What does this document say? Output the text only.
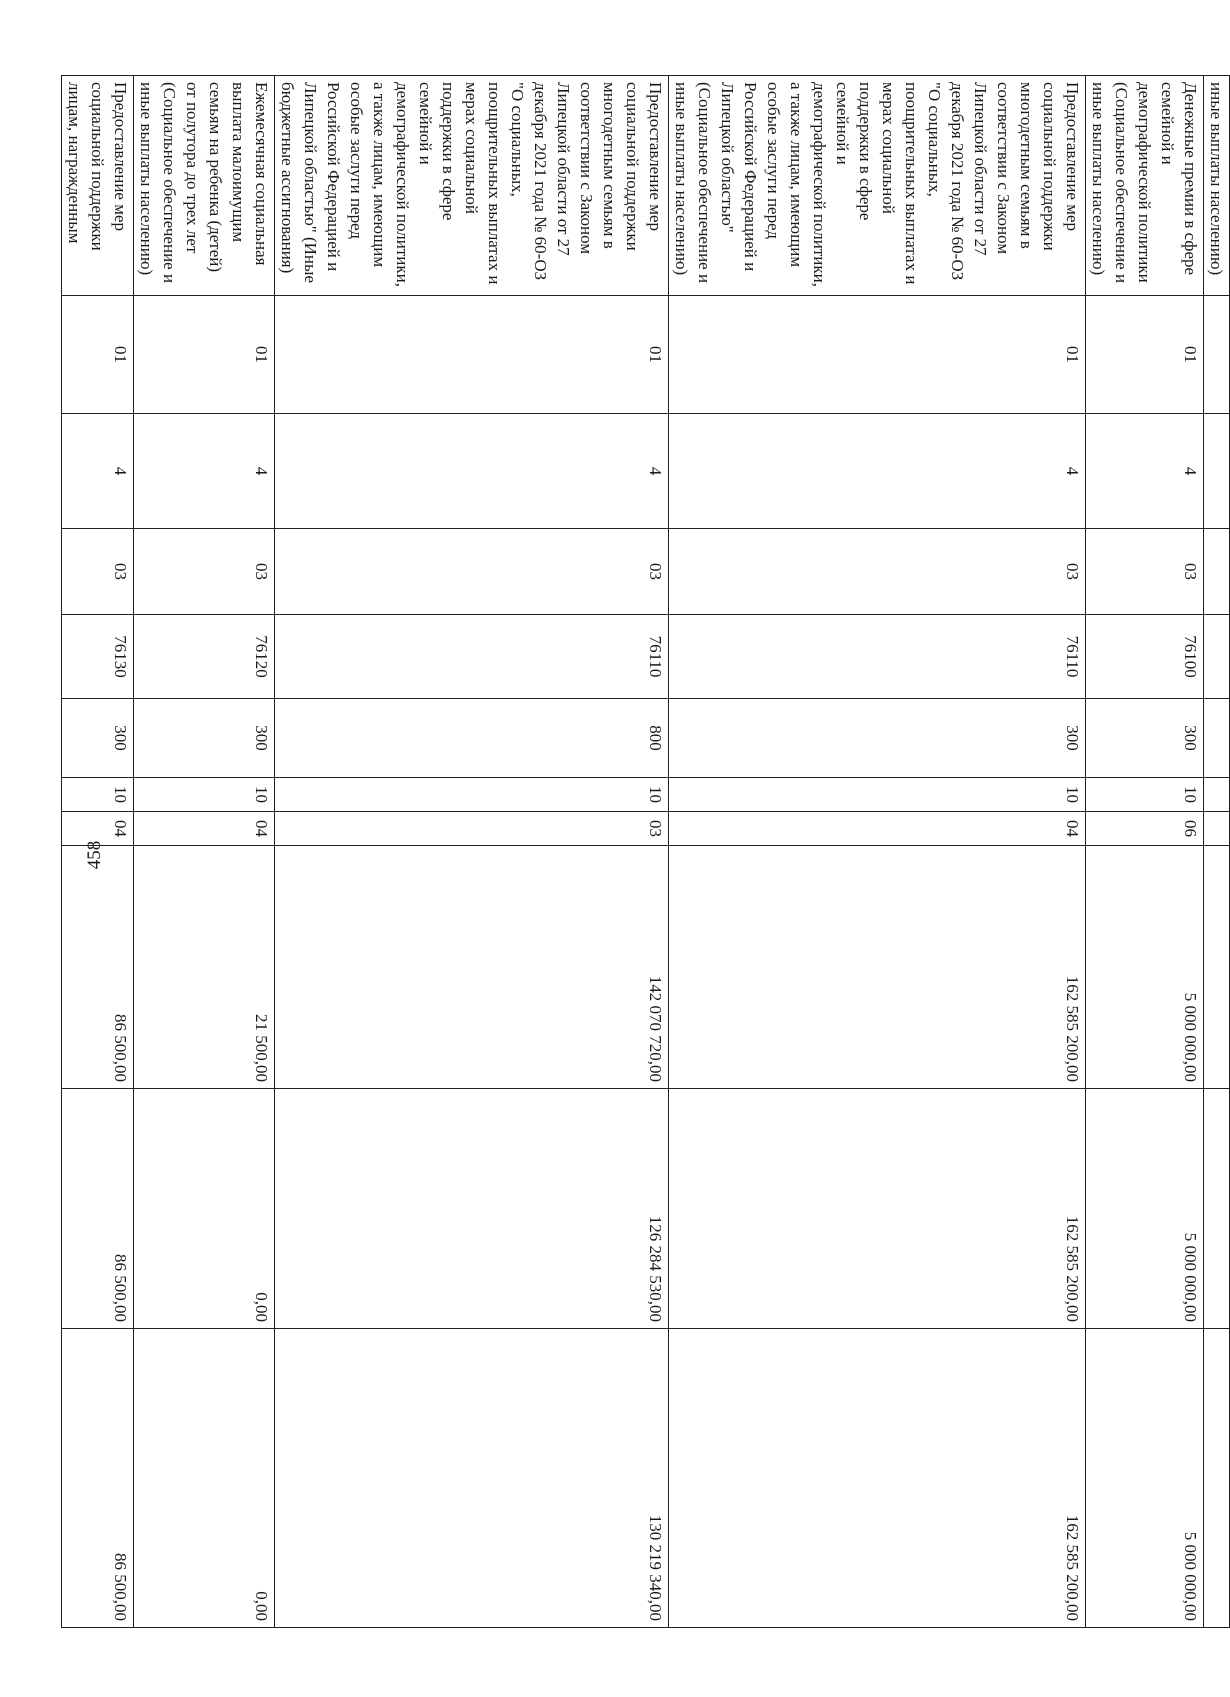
458
иные выплаты населению)										
Денежные премии в сфере семейной и демографической политики (Социальное обеспечение и иные выплаты населению)	01	4	03	76100	300	10	06	5 000 000,00	5 000 000,00	5 000 000,00
Предоставление мер социальной поддержки многодетным семьям в соответствии с Законом Липецкой области от 27 декабря 2021 года № 60-ОЗ "О социальных, поощрительных выплатах и мерах социальной поддержки в сфере семейной и демографической политики, а также лицам, имеющим особые заслуги перед Российской Федерацией и Липецкой областью" (Социальное обеспечение и иные выплаты населению)	01	4	03	76110	300	10	04	162 585 200,00	162 585 200,00	162 585 200,00
Предоставление мер социальной поддержки многодетным семьям в соответствии с Законом Липецкой области от 27 декабря 2021 года № 60-ОЗ "О социальных, поощрительных выплатах и мерах социальной поддержки в сфере семейной и демографической политики, а также лицам, имеющим особые заслуги перед Российской Федерацией и Липецкой областью" (Иные бюджетные ассигнования)	01	4	03	76110	800	10	03	142 070 720,00	126 284 530,00	130 219 340,00
Ежемесячная социальная выплата малоимущим семьям на ребенка (детей) от полутора до трех лет (Социальное обеспечение и иные выплаты населению)	01	4	03	76120	300	10	04	21 500,00	0,00	0,00
Предоставление мер социальной поддержки лицам, награжденным	01	4	03	76130	300	10	04	86 500,00	86 500,00	86 500,00
